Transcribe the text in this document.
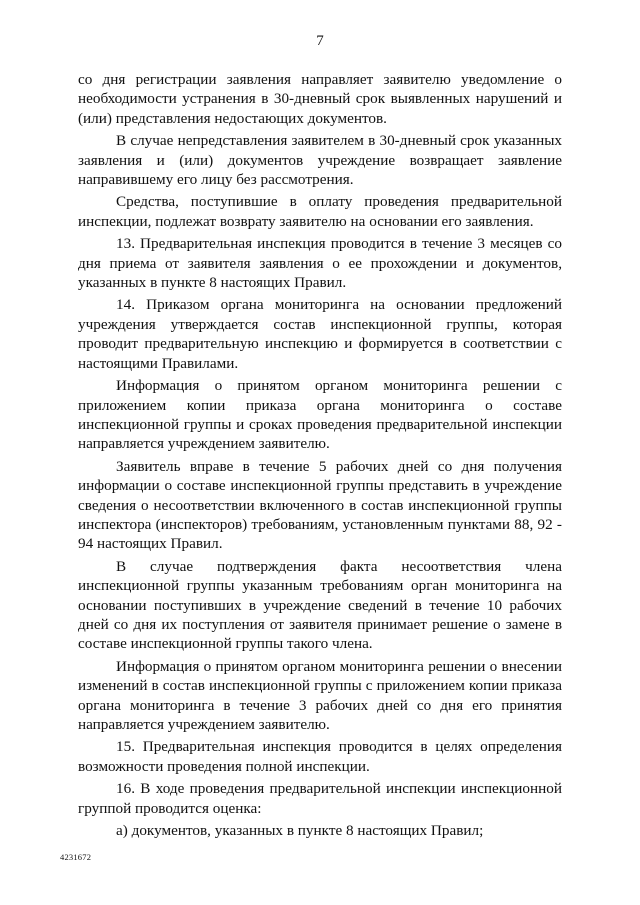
7

со дня регистрации заявления направляет заявителю уведомление о необходимости устранения в 30-дневный срок выявленных нарушений и (или) представления недостающих документов.

В случае непредставления заявителем в 30-дневный срок указанных заявления и (или) документов учреждение возвращает заявление направившему его лицу без рассмотрения.

Средства, поступившие в оплату проведения предварительной инспекции, подлежат возврату заявителю на основании его заявления.

13. Предварительная инспекция проводится в течение 3 месяцев со дня приема от заявителя заявления о ее прохождении и документов, указанных в пункте 8 настоящих Правил.

14. Приказом органа мониторинга на основании предложений учреждения утверждается состав инспекционной группы, которая проводит предварительную инспекцию и формируется в соответствии с настоящими Правилами.

Информация о принятом органом мониторинга решении с приложением копии приказа органа мониторинга о составе инспекционной группы и сроках проведения предварительной инспекции направляется учреждением заявителю.

Заявитель вправе в течение 5 рабочих дней со дня получения информации о составе инспекционной группы представить в учреждение сведения о несоответствии включенного в состав инспекционной группы инспектора (инспекторов) требованиям, установленным пунктами 88, 92 - 94 настоящих Правил.

В случае подтверждения факта несоответствия члена инспекционной группы указанным требованиям орган мониторинга на основании поступивших в учреждение сведений в течение 10 рабочих дней со дня их поступления от заявителя принимает решение о замене в составе инспекционной группы такого члена.

Информация о принятом органом мониторинга решении о внесении изменений в состав инспекционной группы с приложением копии приказа органа мониторинга в течение 3 рабочих дней со дня его принятия направляется учреждением заявителю.

15. Предварительная инспекция проводится в целях определения возможности проведения полной инспекции.

16. В ходе проведения предварительной инспекции инспекционной группой проводится оценка:

а) документов, указанных в пункте 8 настоящих Правил;

4231672
